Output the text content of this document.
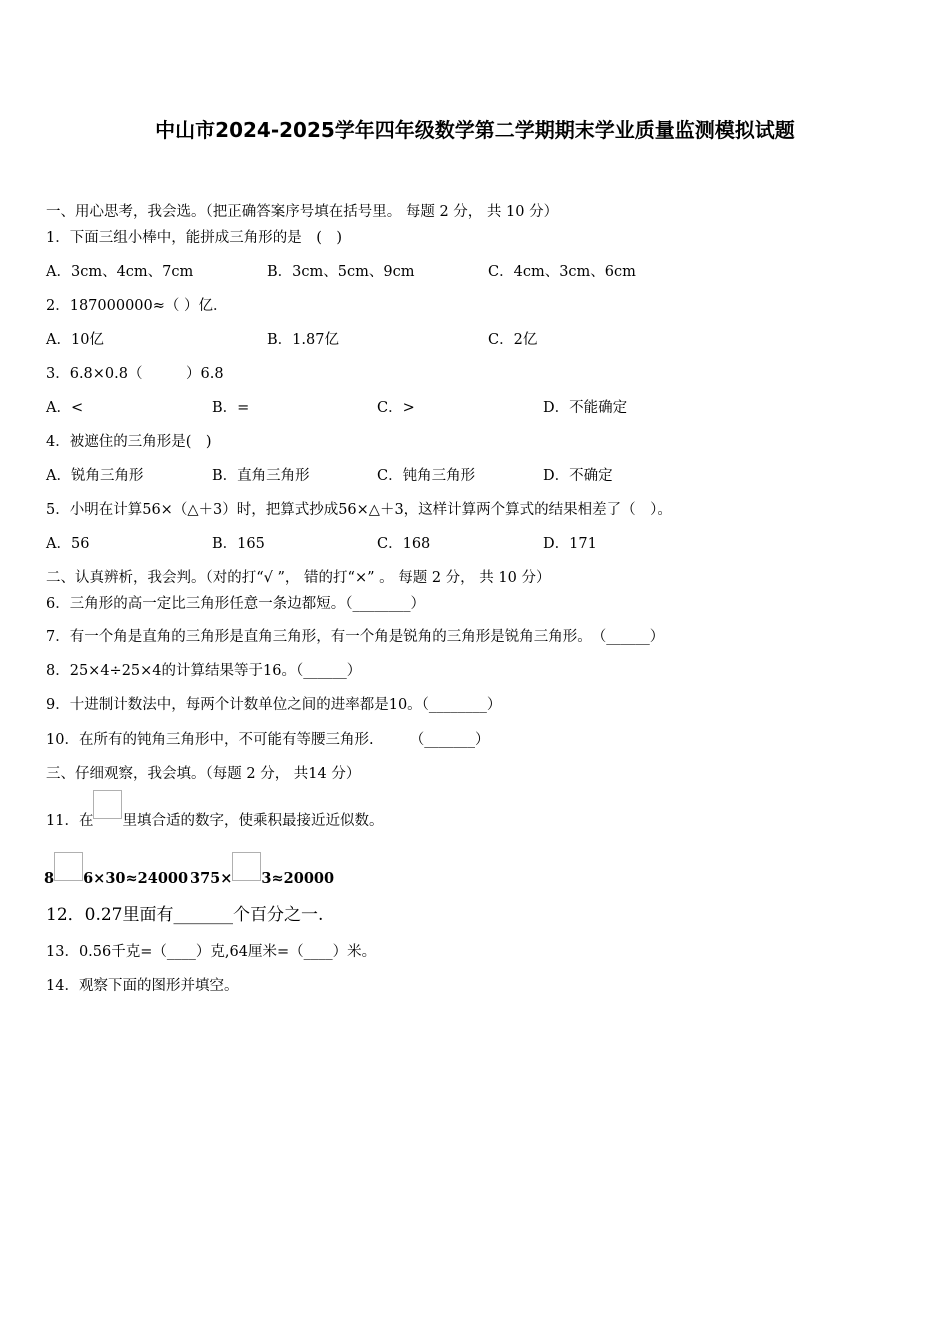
中山市2024-2025学年四年级数学第二学期期末学业质量监测模拟试题
一、用心思考，我会选。（把正确答案序号填在括号里。 每题 2 分， 共 10 分）
1．下面三组小棒中，能拼成三角形的是　(　)
A．3cm、4cm、7cm	B．3cm、5cm、9cm	C．4cm、3cm、6cm
2．187000000≈（ ）亿．
A．10亿	B．1.87亿	C．2亿
3．6.8×0.8（　　　）6.8
A．<	B．=	C．>	D．不能确定
4．被遮住的三角形是(　)
A．锐角三角形	B．直角三角形	C．钝角三角形	D．不确定
5．小明在计算56×（△＋3）时，把算式抄成56×△＋3，这样计算两个算式的结果相差了（　）。
A．56	B．165	C．168	D．171
二、认真辨析，我会判。（对的打“√ ”， 错的打“×” 。 每题 2 分， 共 10 分）
6．三角形的高一定比三角形任意一条边都短。（________）
7．有一个角是直角的三角形是直角三角形，有一个角是锐角的三角形是锐角三角形。　（______）
8．25×4÷25×4的计算结果等于16。（______）
9．十进制计数法中，每两个计数单位之间的进率都是10。（________）
10．在所有的钝角三角形中，不可能有等腰三角形.　　　（_______）
三、仔细观察，我会填。（每题 2 分， 共14 分）
11．在 里填合适的数字，使乘积最接近近似数。
8 6×30≈24000 375× 3≈20000
12．0.27里面有_______个百分之一.
13．0.56千克=（____）克,64厘米=（____）米。
14．观察下面的图形并填空。
